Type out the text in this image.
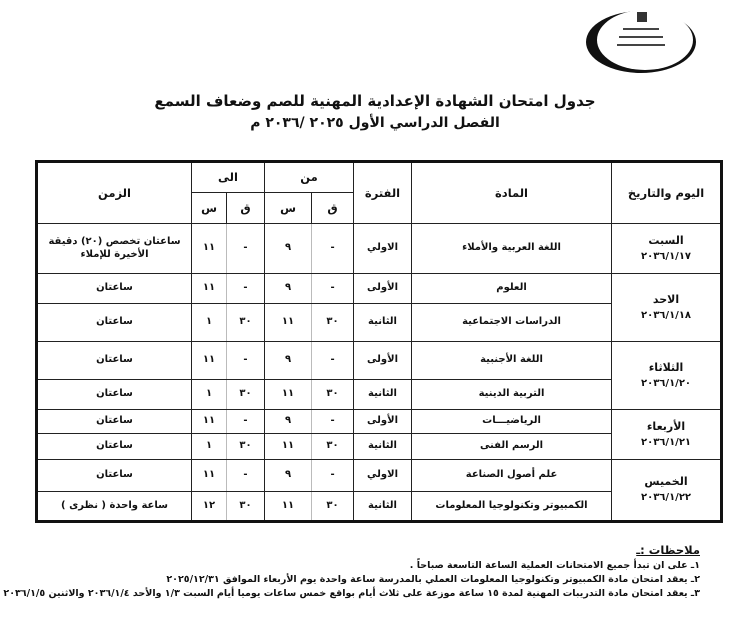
جدول امتحان الشهادة الإعدادية المهنية للصم وضعاف السمع
الفصل الدراسي الأول ٢٠٢٥ /٢٠٣٦ م
اليوم والتاريخ	المادة	الفترة	من		الى		الزمن
			ق	س	ق	س	

السبت
٢٠٣٦/١/١٧	اللغة العربية والأملاء	الاولي	-	٩	-	١١	ساعتان تخصص (٢٠) دقيقة الأخيرة للإملاء

الاحد
٢٠٣٦/١/١٨	العلوم	الأولى	-	٩	-	١١	ساعتان
	الدراسات الاجتماعية	الثانية	٣٠	١١	٣٠	١	ساعتان

الثلاثاء
٢٠٣٦/١/٢٠	اللغة الأجنبية	الأولى	-	٩	-	١١	ساعتان
	التربية الدينية	الثانية	٣٠	١١	٣٠	١	ساعتان

الأربعاء
٢٠٣٦/١/٢١	الرياضيـــات	الأولى	-	٩	-	١١	ساعتان
	الرسم الفنى	الثانية	٣٠	١١	٣٠	١	ساعتان

الخميس
٢٠٣٦/١/٢٢	علم أصول الصناعة	الاولي	-	٩	-	١١	ساعتان
	الكمبيوتر وتكنولوجيا المعلومات	الثانية	٣٠	١١	٣٠	١٢	ساعة واحدة ( نظرى )
ملاحظات :ـ
١ـ على ان تبدأ جميع الامتحانات العملية الساعة التاسعة صباحاً .
٢ـ يعقد امتحان مادة الكمبيوتر وتكنولوجيا المعلومات العملي بالمدرسة ساعة واحدة يوم الأربعاء الموافق ٢٠٢٥/١٢/٣١
٣ـ يعقد امتحان مادة التدريبات المهنية لمدة ١٥ ساعة موزعة على ثلاث أيام بواقع خمس ساعات يوميا أيام السبت ١/٣ والأحد ٢٠٣٦/١/٤ والاثنين ٢٠٣٦/١/٥
